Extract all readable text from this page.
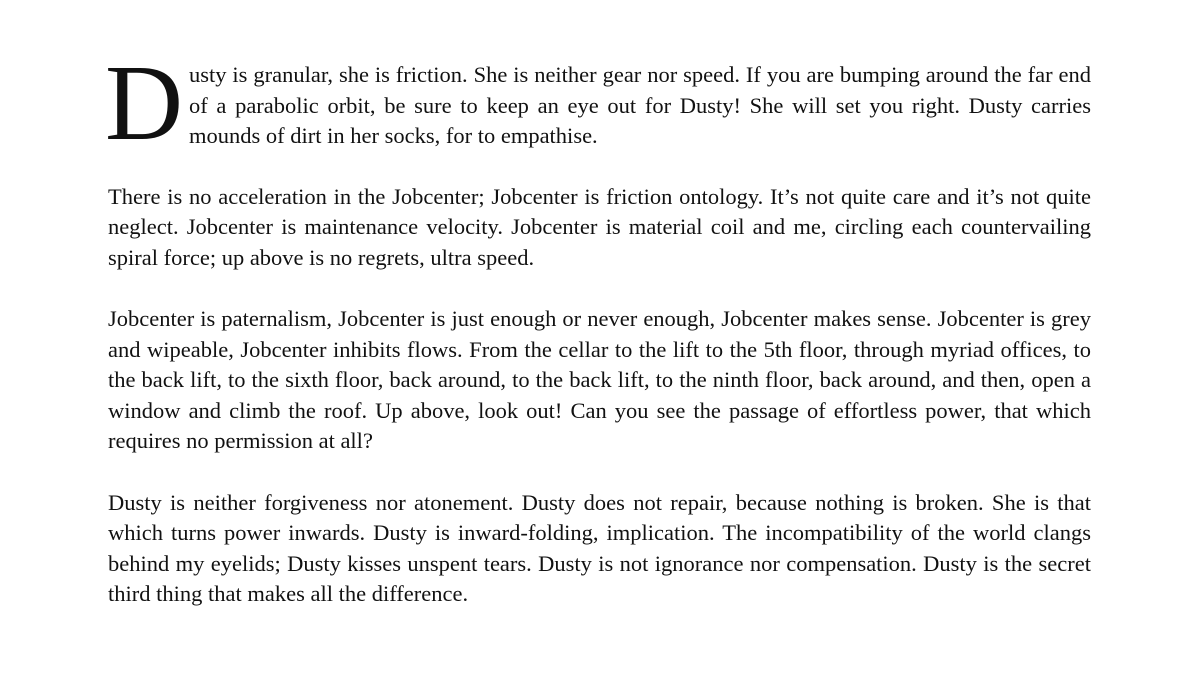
Dusty is granular, she is friction. She is neither gear nor speed. If you are bumping around the far end of a parabolic orbit, be sure to keep an eye out for Dusty! She will set you right. Dusty carries mounds of dirt in her socks, for to empathise.

There is no acceleration in the Jobcenter; Jobcenter is friction ontology. It’s not quite care and it’s not quite neglect. Jobcenter is maintenance velocity. Jobcenter is material coil and me, circling each countervailing spiral force; up above is no regrets, ultra speed.

Jobcenter is paternalism, Jobcenter is just enough or never enough, Jobcenter makes sense. Jobcenter is grey and wipeable, Jobcenter inhibits flows. From the cellar to the lift to the 5th floor, through myriad offices, to the back lift, to the sixth floor, back around, to the back lift, to the ninth floor, back around, and then, open a window and climb the roof. Up above, look out! Can you see the passage of effortless power, that which requires no permission at all?

Dusty is neither forgiveness nor atonement. Dusty does not repair, because nothing is broken. She is that which turns power inwards. Dusty is inward-folding, implication. The incompatibility of the world clangs behind my eyelids; Dusty kisses unspent tears. Dusty is not ignorance nor compensation. Dusty is the secret third thing that makes all the difference.
